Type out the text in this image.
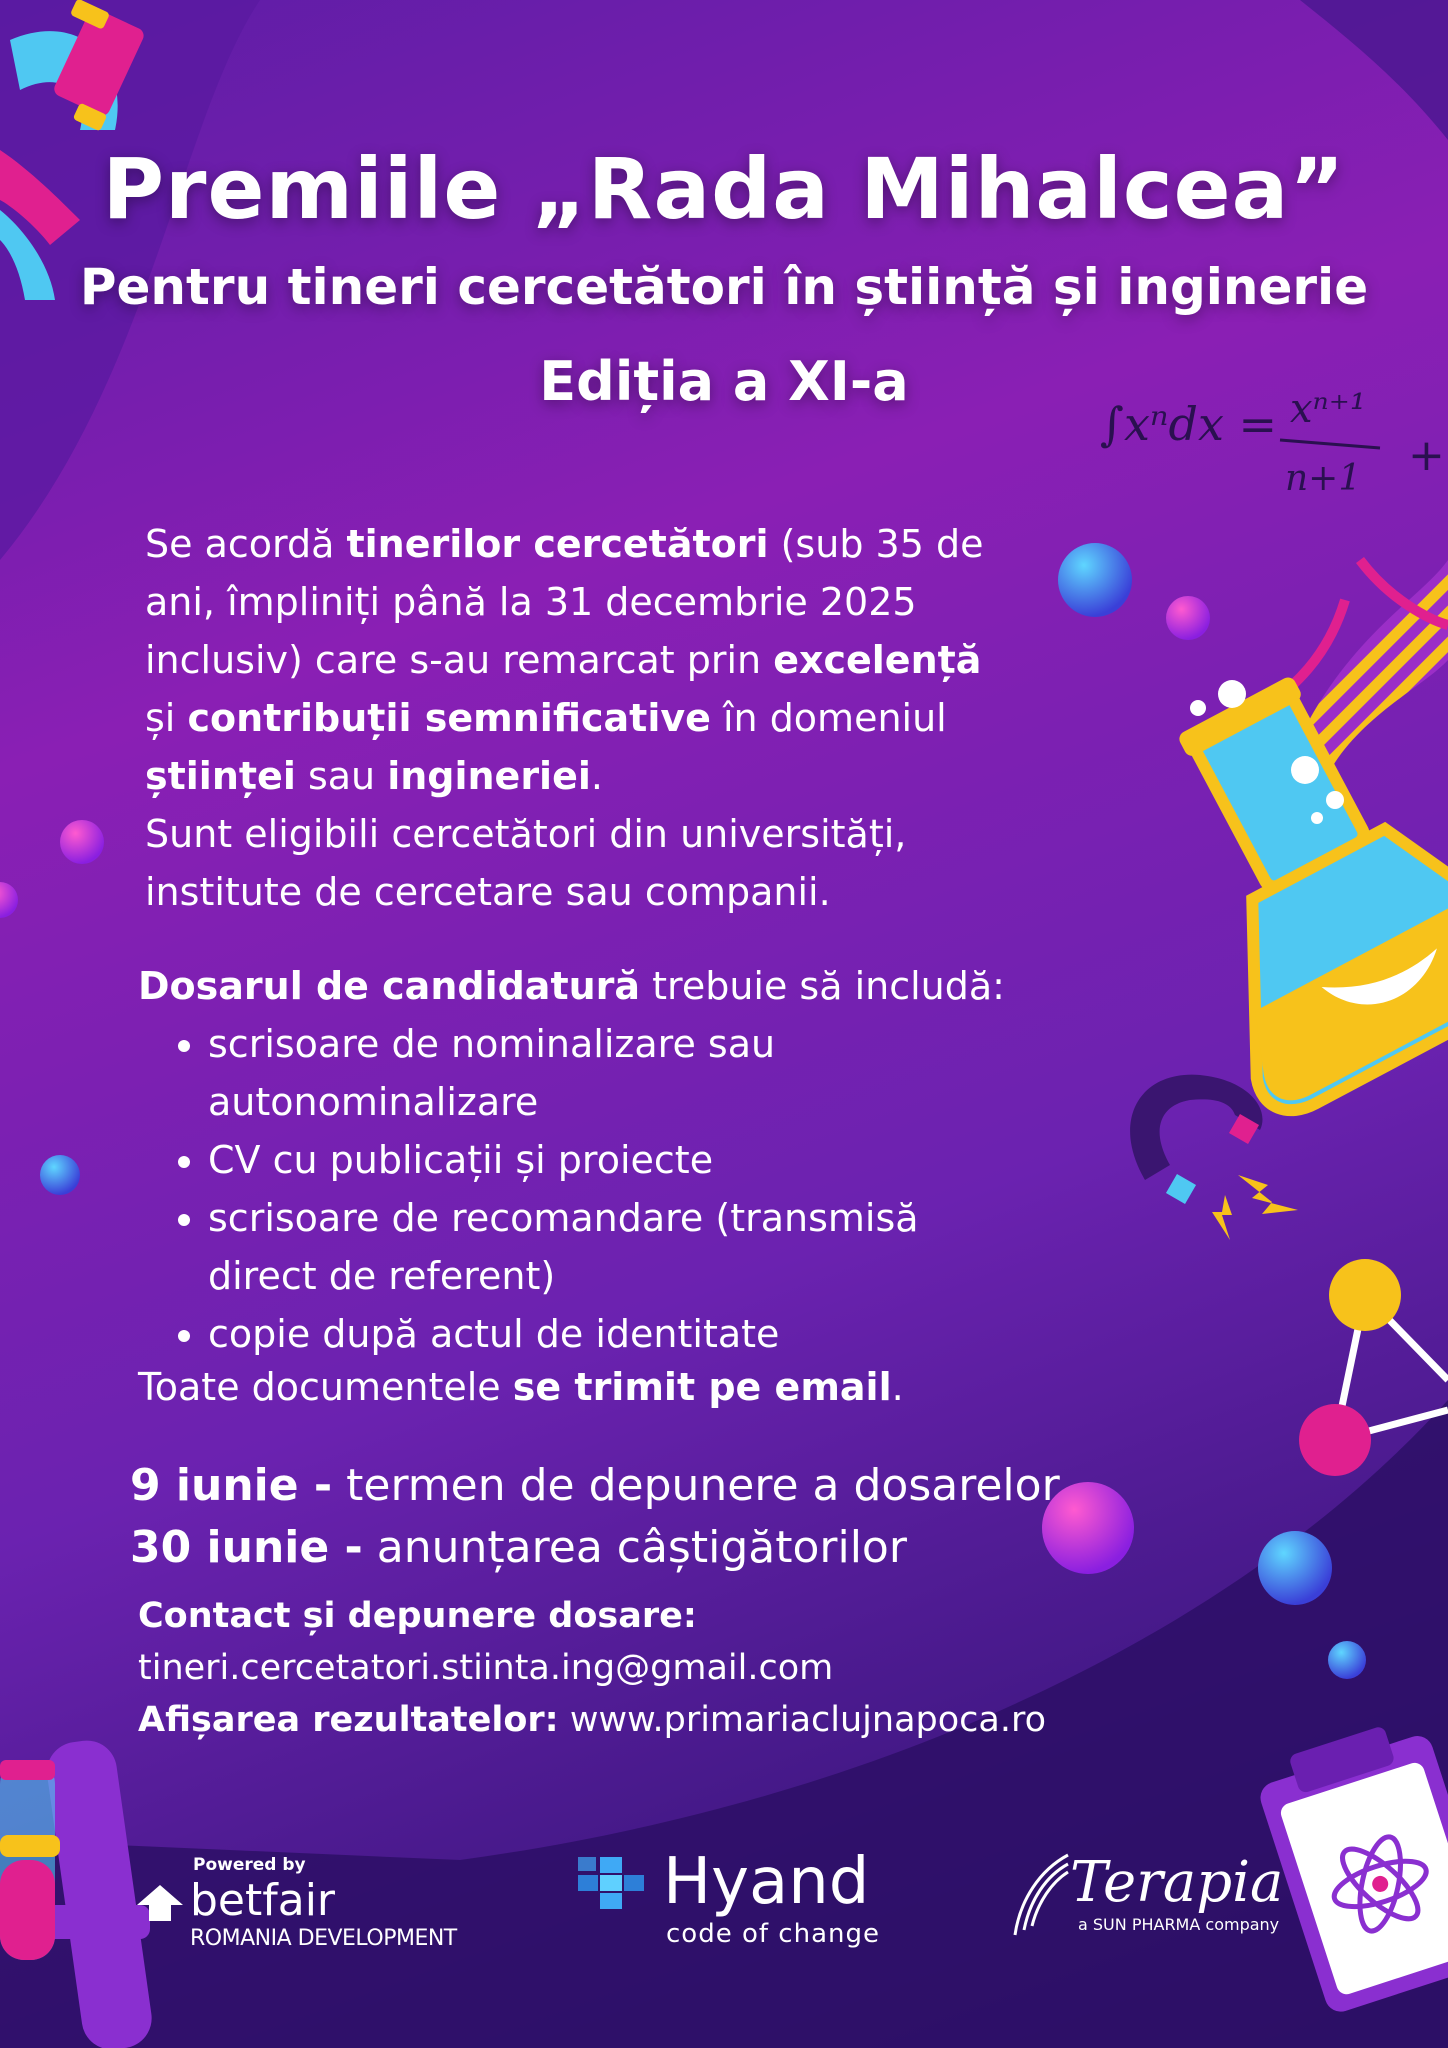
∫xⁿdx = xⁿ⁺¹
n+1 +
Premiile „Rada Mihalcea”
Pentru tineri cercetători în știință și inginerie
Ediția a XI-a

Se acordă tinerilor cercetători (sub 35 de ani, împliniți până la 31 decembrie 2025 inclusiv) care s-au remarcat prin excelență și contribuții semnificative în domeniul științei sau ingineriei.
Sunt eligibili cercetători din universități, institute de cercetare sau companii.

Dosarul de candidatură trebuie să includă:

• scrisoare de nominalizare sau autonominalizare
• CV cu publicații și proiecte
• scrisoare de recomandare (transmisă direct de referent)
• copie după actul de identitate

Toate documentele se trimit pe email.

9 iunie - termen de depunere a dosarelor
30 iunie - anunțarea câștigătorilor
Contact și depunere dosare:
tineri.cercetatori.stiinta.ing@gmail.com
Afișarea rezultatelor: www.primariaclujnapoca.ro
Powered by
betfair
ROMANIA DEVELOPMENT
Hyand
code of change
Terapia
a SUN PHARMA company
